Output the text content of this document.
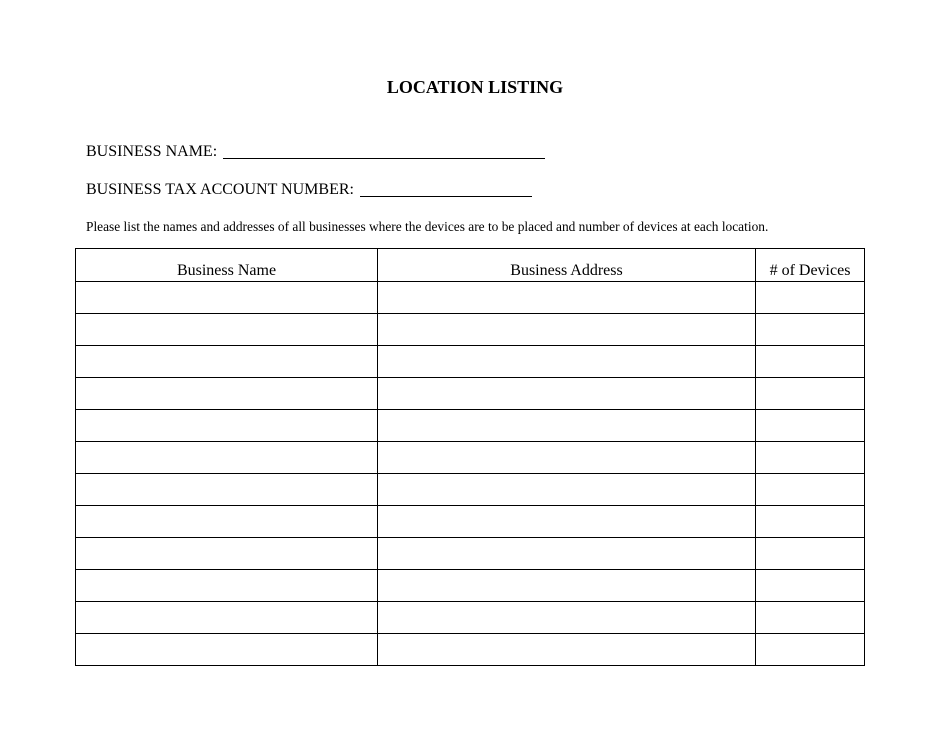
LOCATION LISTING
BUSINESS NAME:
BUSINESS TAX ACCOUNT NUMBER:
Please list the names and addresses of all businesses where the devices are to be placed and number of devices at each location.
Business Name	Business Address	# of Devices
